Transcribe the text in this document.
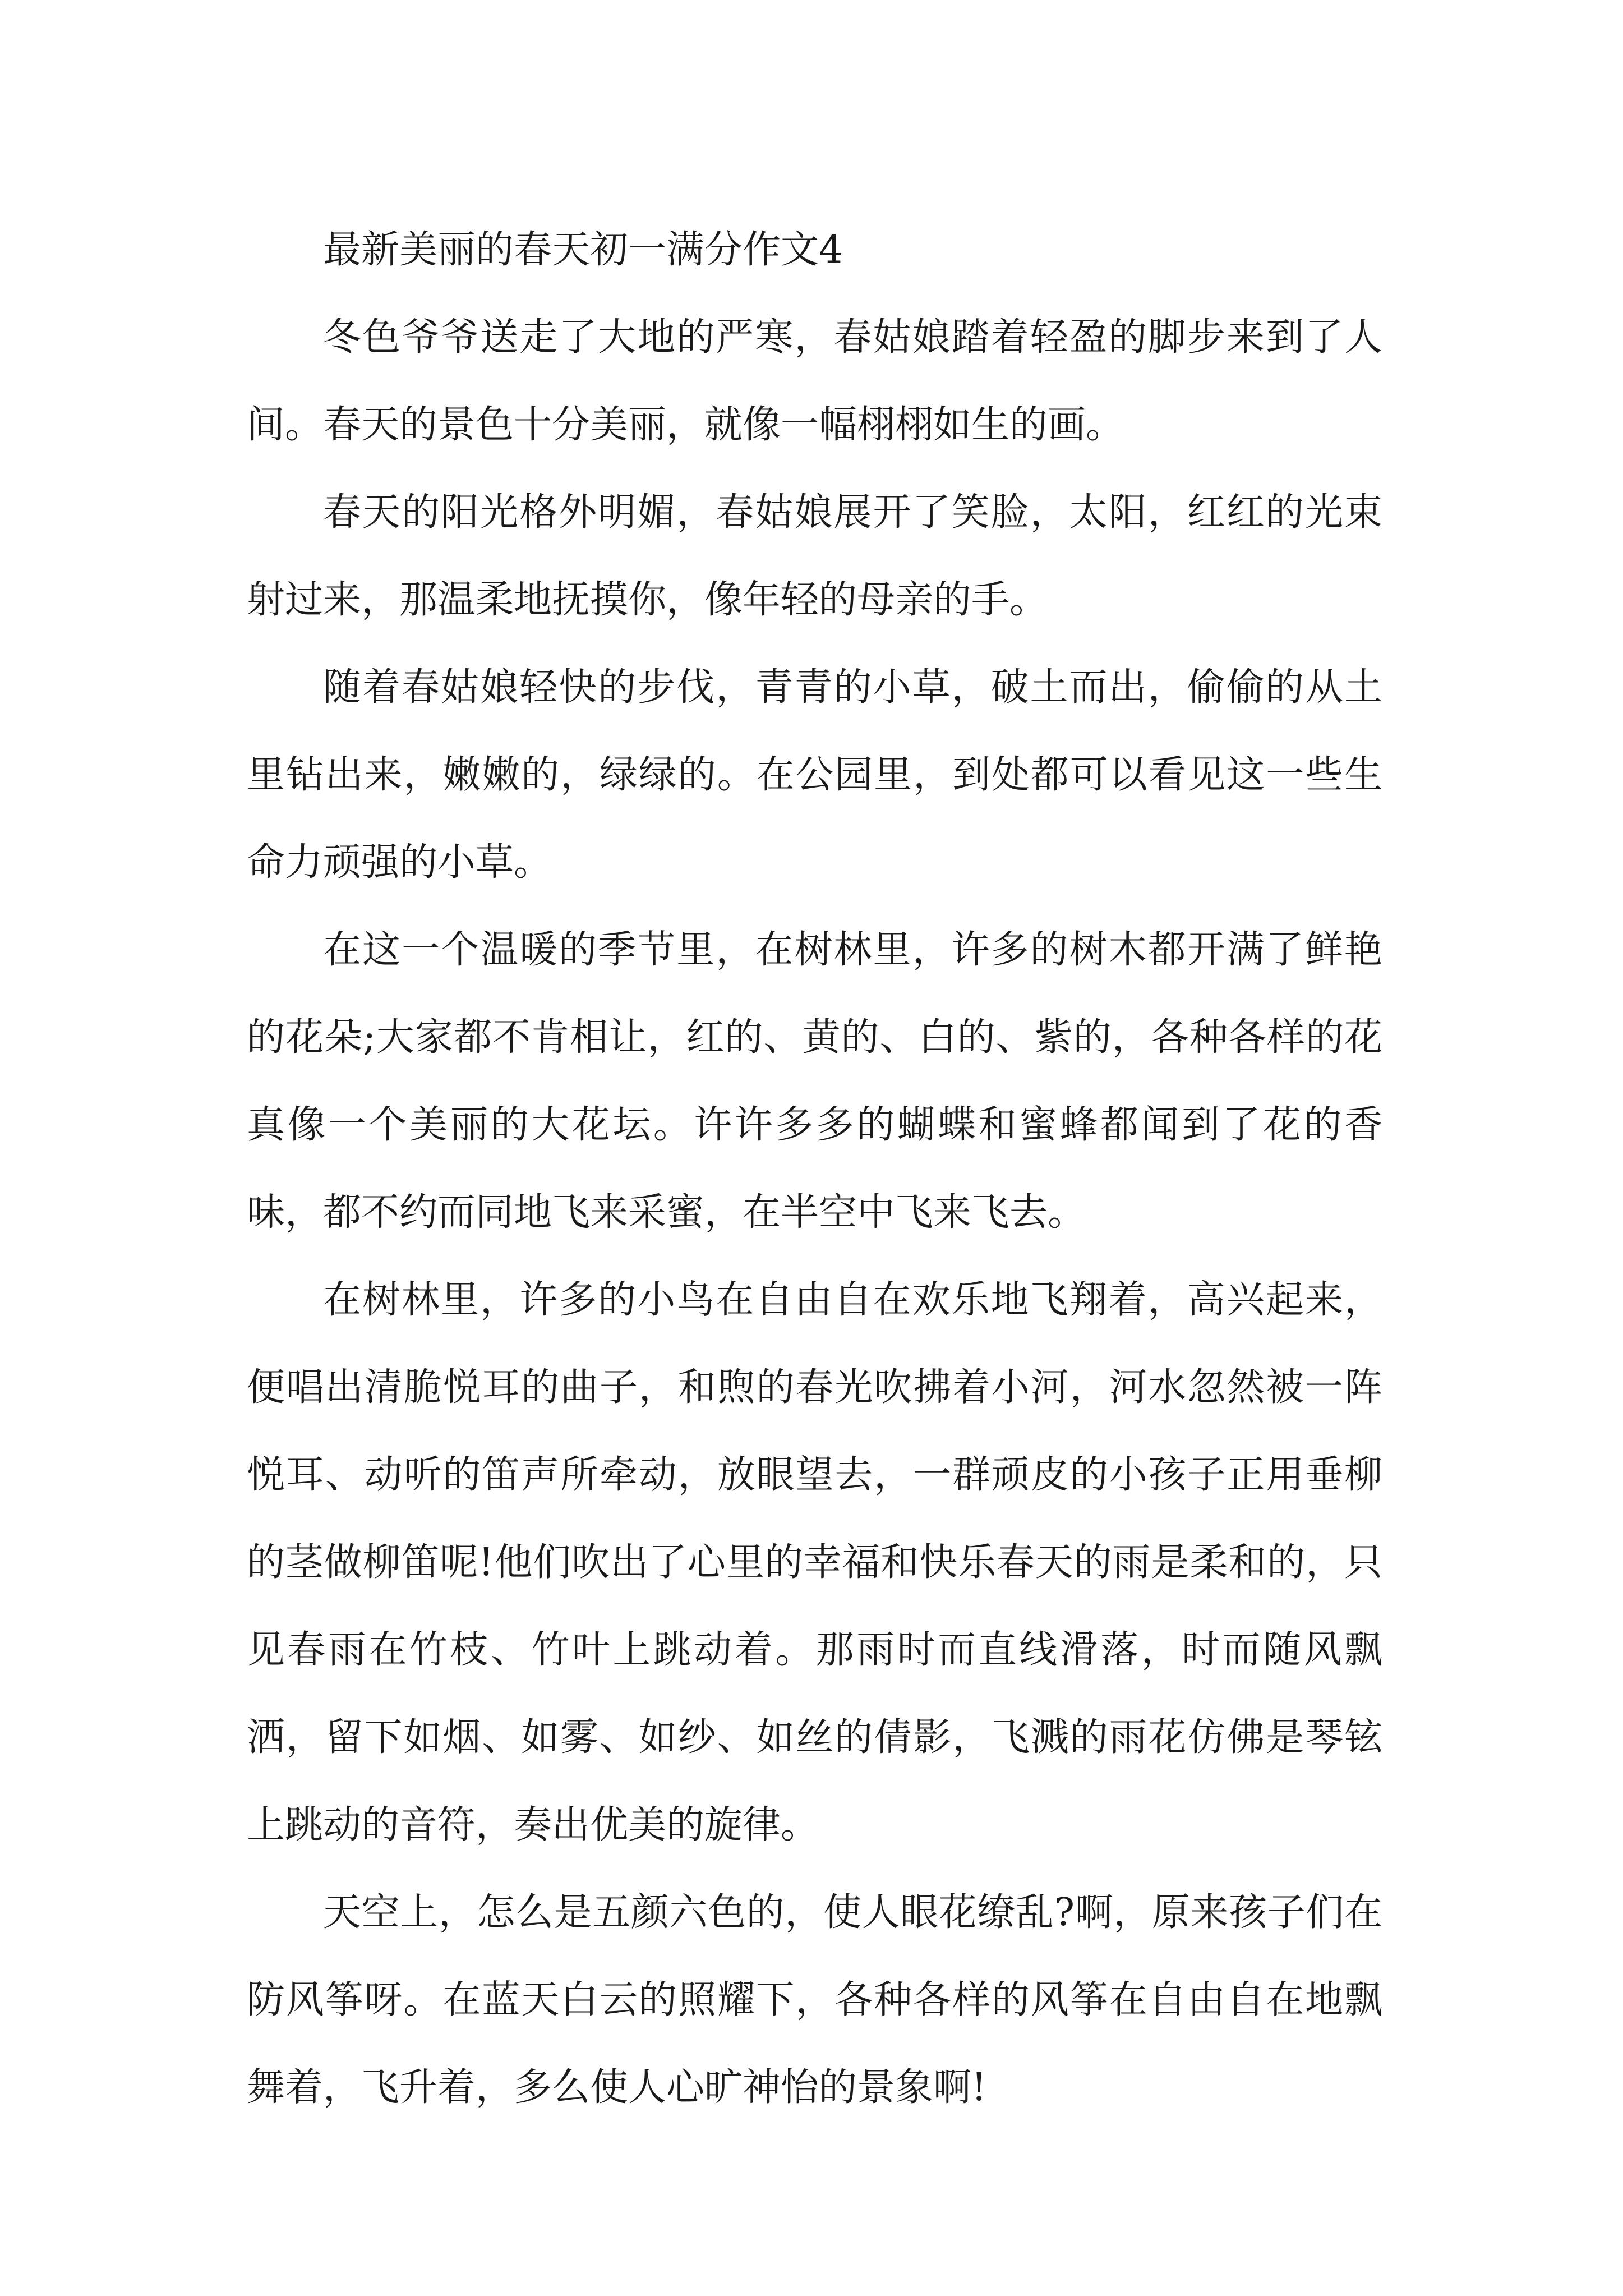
最新美丽的春天初一满分作文4

冬色爷爷送走了大地的严寒，春姑娘踏着轻盈的脚步来到了人间。春天的景色十分美丽，就像一幅栩栩如生的画。

春天的阳光格外明媚，春姑娘展开了笑脸，太阳，红红的光束射过来，那温柔地抚摸你，像年轻的母亲的手。

随着春姑娘轻快的步伐，青青的小草，破土而出，偷偷的从土里钻出来，嫩嫩的，绿绿的。在公园里，到处都可以看见这一些生命力顽强的小草。

在这一个温暖的季节里，在树林里，许多的树木都开满了鲜艳的花朵;大家都不肯相让，红的、黄的、白的、紫的，各种各样的花真像一个美丽的大花坛。许许多多的蝴蝶和蜜蜂都闻到了花的香味，都不约而同地飞来采蜜，在半空中飞来飞去。

在树林里，许多的小鸟在自由自在欢乐地飞翔着，高兴起来，便唱出清脆悦耳的曲子，和煦的春光吹拂着小河，河水忽然被一阵悦耳、动听的笛声所牵动，放眼望去，一群顽皮的小孩子正用垂柳的茎做柳笛呢!他们吹出了心里的幸福和快乐春天的雨是柔和的，只见春雨在竹枝、竹叶上跳动着。那雨时而直线滑落，时而随风飘洒，留下如烟、如雾、如纱、如丝的倩影，飞溅的雨花仿佛是琴铉上跳动的音符，奏出优美的旋律。

天空上，怎么是五颜六色的，使人眼花缭乱?啊，原来孩子们在防风筝呀。在蓝天白云的照耀下，各种各样的风筝在自由自在地飘舞着，飞升着，多么使人心旷神怡的景象啊!
